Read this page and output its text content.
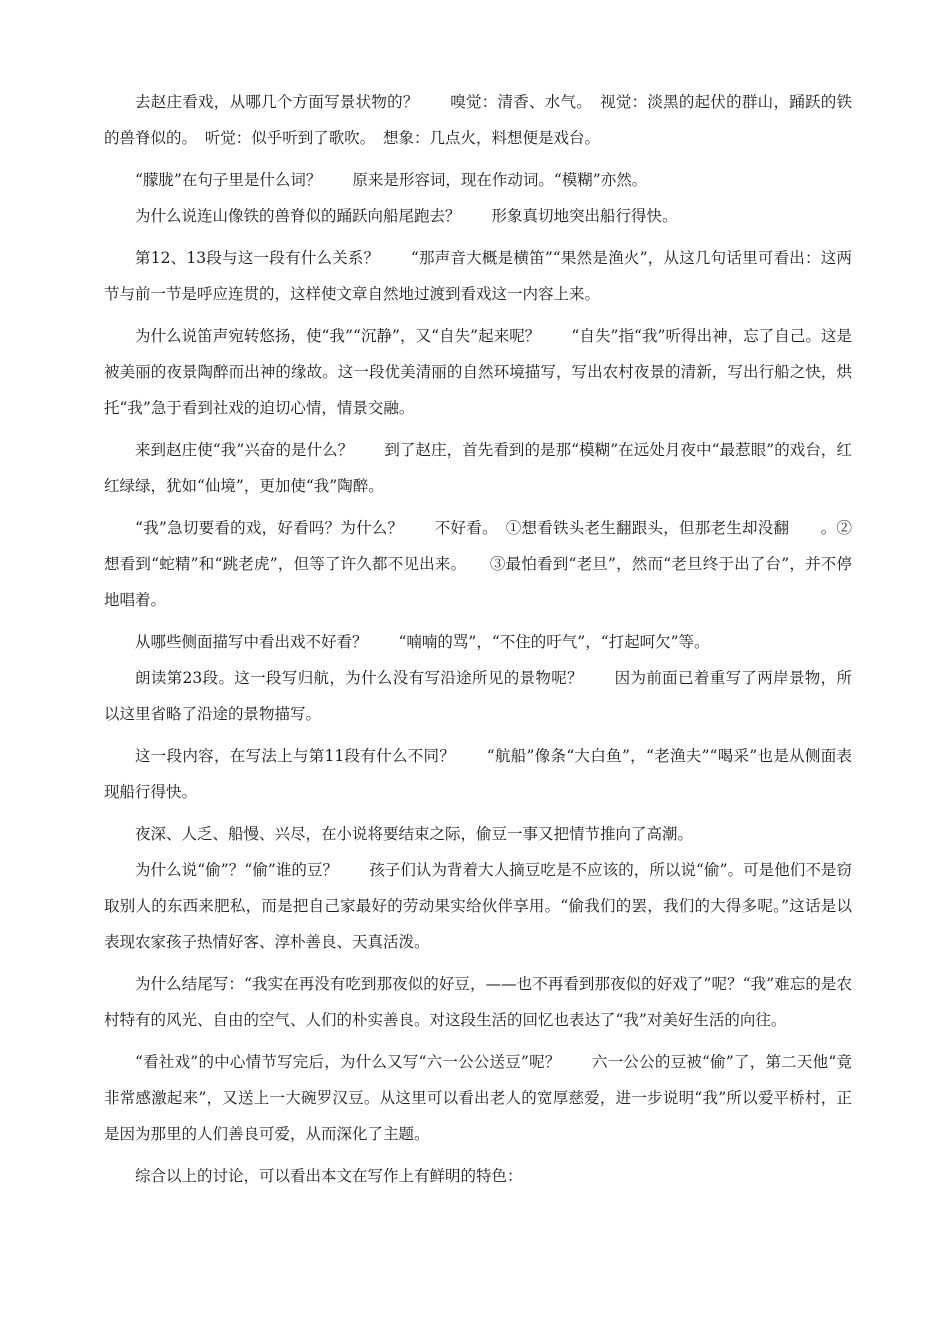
去赵庄看戏，从哪几个方面写景状物的？　　嗅觉：清香、水气。　视觉：淡黑的起伏的群山，踊跃的铁的兽脊似的。　听觉：似乎听到了歌吹。　想象：几点火，料想便是戏台。

“朦胧”在句子里是什么词？　　原来是形容词，现在作动词。“模糊”亦然。

为什么说连山像铁的兽脊似的踊跃向船尾跑去？　　形象真切地突出船行得快。

第12、13段与这一段有什么关系？　　“那声音大概是横笛”“果然是渔火”，从这几句话里可看出：这两节与前一节是呼应连贯的，这样使文章自然地过渡到看戏这一内容上来。

为什么说笛声宛转悠扬，使“我”“沉静”，又“自失”起来呢？　　“自失”指“我”听得出神，忘了自己。这是被美丽的夜景陶醉而出神的缘故。这一段优美清丽的自然环境描写，写出农村夜景的清新，写出行船之快，烘托“我”急于看到社戏的迫切心情，情景交融。

来到赵庄使“我”兴奋的是什么？　　到了赵庄，首先看到的是那“模糊”在远处月夜中“最惹眼”的戏台，红红绿绿，犹如“仙境”，更加使“我”陶醉。

“我”急切要看的戏，好看吗？为什么？　　不好看。　①想看铁头老生翻跟头，但那老生却没翻　　。②想看到“蛇精”和“跳老虎”，但等了许久都不见出来。　　③最怕看到“老旦”，然而“老旦终于出了台”，并不停地唱着。

从哪些侧面描写中看出戏不好看？　　“喃喃的骂”，“不住的吁气”，“打起呵欠”等。

朗读第23段。这一段写归航，为什么没有写沿途所见的景物呢？　　因为前面已着重写了两岸景物，所以这里省略了沿途的景物描写。

这一段内容，在写法上与第11段有什么不同？　　“航船”像条“大白鱼”，“老渔夫”“喝采”也是从侧面表现船行得快。

夜深、人乏、船慢、兴尽，在小说将要结束之际，偷豆一事又把情节推向了高潮。

为什么说“偷”？“偷”谁的豆？　　孩子们认为背着大人摘豆吃是不应该的，所以说“偷”。可是他们不是窃取别人的东西来肥私，而是把自己家最好的劳动果实给伙伴享用。“偷我们的罢，我们的大得多呢。”这话是以表现农家孩子热情好客、淳朴善良、天真活泼。

为什么结尾写：“我实在再没有吃到那夜似的好豆，——也不再看到那夜似的好戏了”呢？“我”难忘的是农村特有的风光、自由的空气、人们的朴实善良。对这段生活的回忆也表达了“我”对美好生活的向往。

“看社戏”的中心情节写完后，为什么又写“六一公公送豆”呢？　　六一公公的豆被“偷”了，第二天他“竟非常感激起来”，又送上一大碗罗汉豆。从这里可以看出老人的宽厚慈爱，进一步说明“我”所以爱平桥村，正是因为那里的人们善良可爱，从而深化了主题。

综合以上的讨论，可以看出本文在写作上有鲜明的特色：
